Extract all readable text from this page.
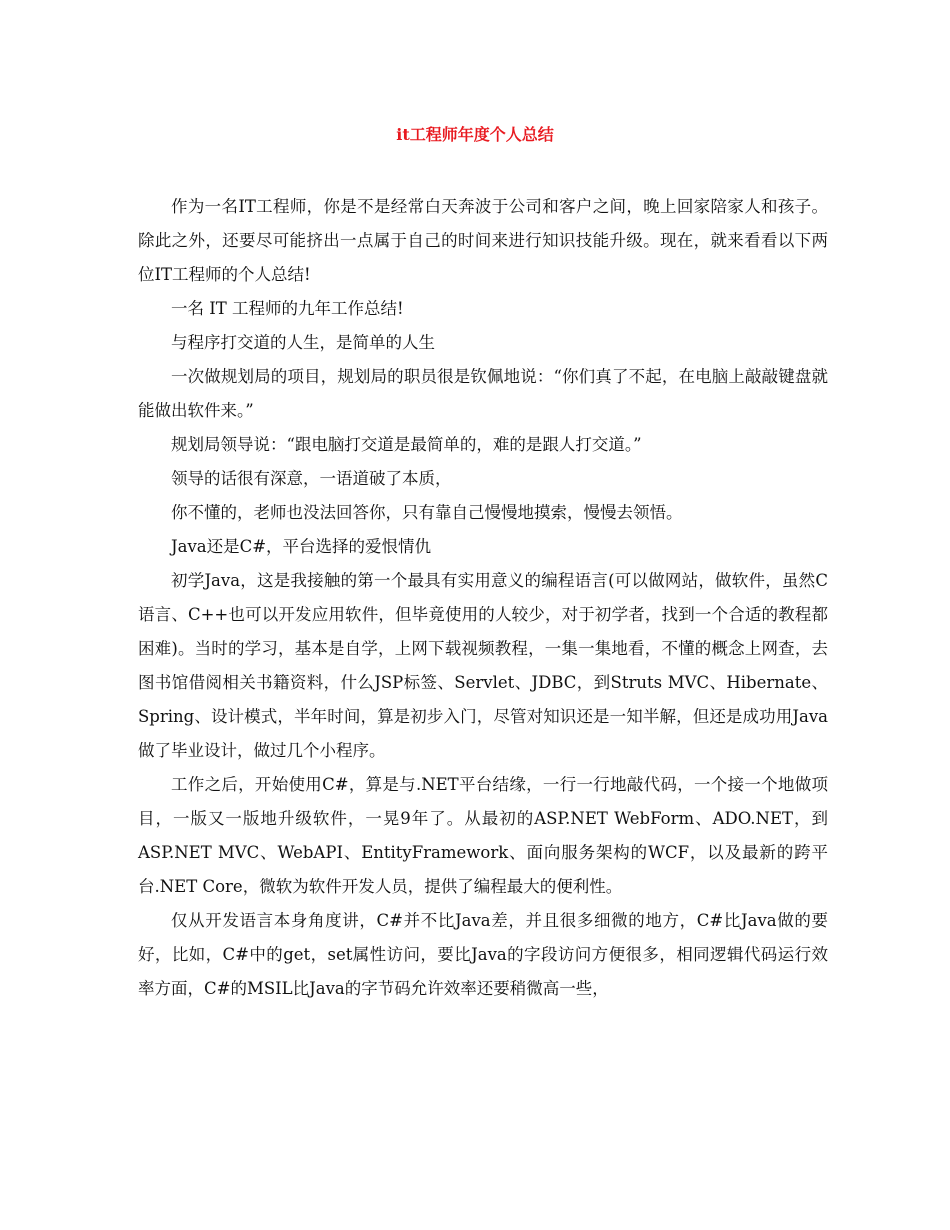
it工程师年度个人总结

作为一名IT工程师，你是不是经常白天奔波于公司和客户之间，晚上回家陪家人和孩子。除此之外，还要尽可能挤出一点属于自己的时间来进行知识技能升级。现在，就来看看以下两位IT工程师的个人总结!

一名 IT 工程师的九年工作总结!

与程序打交道的人生，是简单的人生

一次做规划局的项目，规划局的职员很是钦佩地说：“你们真了不起，在电脑上敲敲键盘就能做出软件来。”

规划局领导说：“跟电脑打交道是最简单的，难的是跟人打交道。”

领导的话很有深意，一语道破了本质，

你不懂的，老师也没法回答你，只有靠自己慢慢地摸索，慢慢去领悟。

Java还是C#，平台选择的爱恨情仇

初学Java，这是我接触的第一个最具有实用意义的编程语言(可以做网站，做软件，虽然C语言、C++也可以开发应用软件，但毕竟使用的人较少，对于初学者，找到一个合适的教程都困难)。当时的学习，基本是自学，上网下载视频教程，一集一集地看，不懂的概念上网查，去图书馆借阅相关书籍资料，什么JSP标签、Servlet、JDBC，到Struts MVC、Hibernate、Spring、设计模式，半年时间，算是初步入门，尽管对知识还是一知半解，但还是成功用Java做了毕业设计，做过几个小程序。

工作之后，开始使用C#，算是与.NET平台结缘，一行一行地敲代码，一个接一个地做项目，一版又一版地升级软件，一晃9年了。从最初的ASP.NET WebForm、ADO.NET，到ASP.NET MVC、WebAPI、EntityFramework、面向服务架构的WCF，以及最新的跨平台.NET Core，微软为软件开发人员，提供了编程最大的便利性。

仅从开发语言本身角度讲，C#并不比Java差，并且很多细微的地方，C#比Java做的要好，比如，C#中的get，set属性访问，要比Java的字段访问方便很多，相同逻辑代码运行效率方面，C#的MSIL比Java的字节码允许效率还要稍微高一些，
